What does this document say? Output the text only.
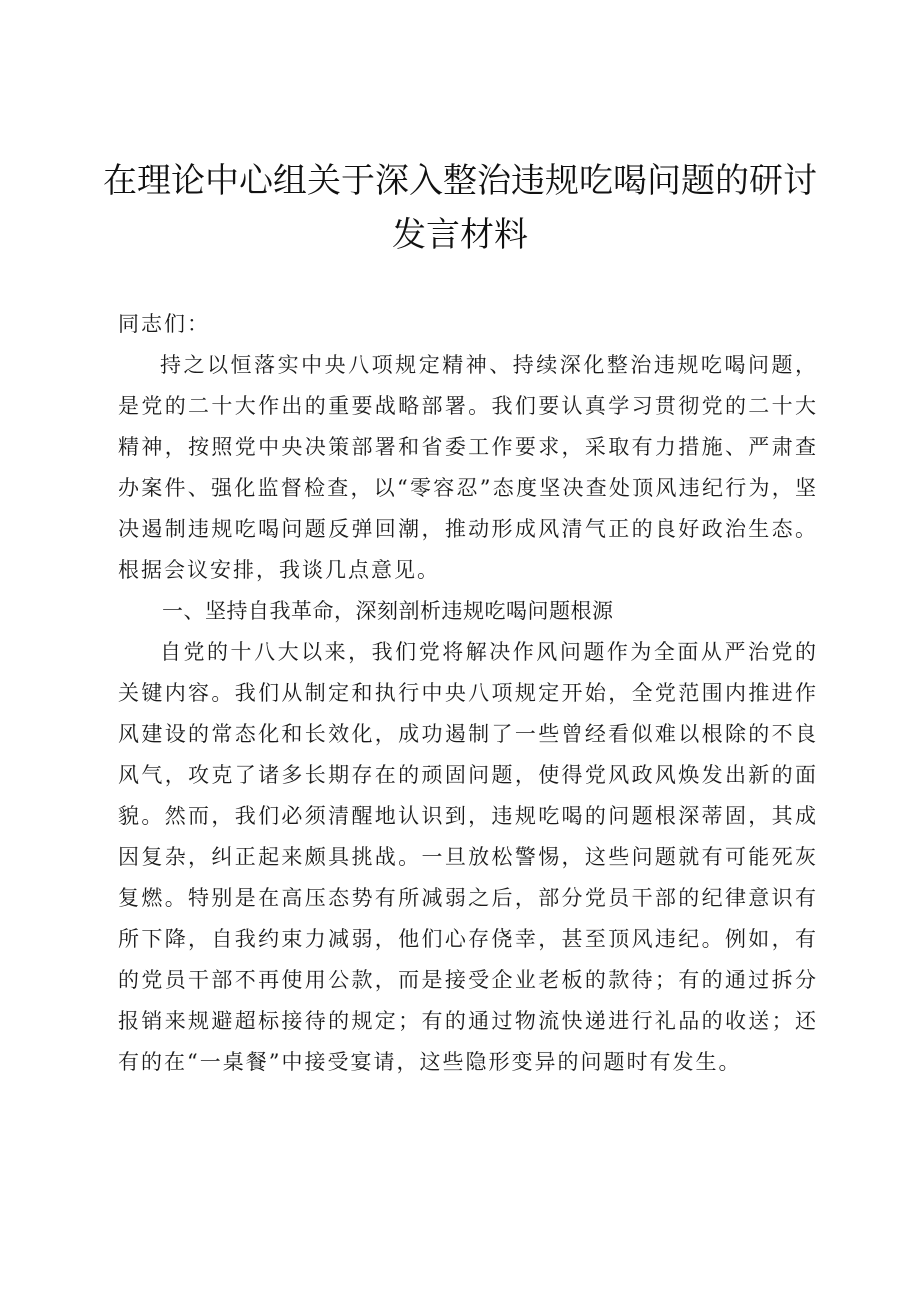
在理论中心组关于深入整治违规吃喝问题的研讨发言材料

同志们：

持之以恒落实中央八项规定精神、持续深化整治违规吃喝问题，是党的二十大作出的重要战略部署。我们要认真学习贯彻党的二十大精神，按照党中央决策部署和省委工作要求，采取有力措施、严肃查办案件、强化监督检查，以“零容忍”态度坚决查处顶风违纪行为，坚决遏制违规吃喝问题反弹回潮，推动形成风清气正的良好政治生态。根据会议安排，我谈几点意见。

一、坚持自我革命，深刻剖析违规吃喝问题根源

自党的十八大以来，我们党将解决作风问题作为全面从严治党的关键内容。我们从制定和执行中央八项规定开始，全党范围内推进作风建设的常态化和长效化，成功遏制了一些曾经看似难以根除的不良风气，攻克了诸多长期存在的顽固问题，使得党风政风焕发出新的面貌。然而，我们必须清醒地认识到，违规吃喝的问题根深蒂固，其成因复杂，纠正起来颇具挑战。一旦放松警惕，这些问题就有可能死灰复燃。特别是在高压态势有所减弱之后，部分党员干部的纪律意识有所下降，自我约束力减弱，他们心存侥幸，甚至顶风违纪。例如，有的党员干部不再使用公款，而是接受企业老板的款待；有的通过拆分报销来规避超标接待的规定；有的通过物流快递进行礼品的收送；还有的在“一桌餐”中接受宴请，这些隐形变异的问题时有发生。
